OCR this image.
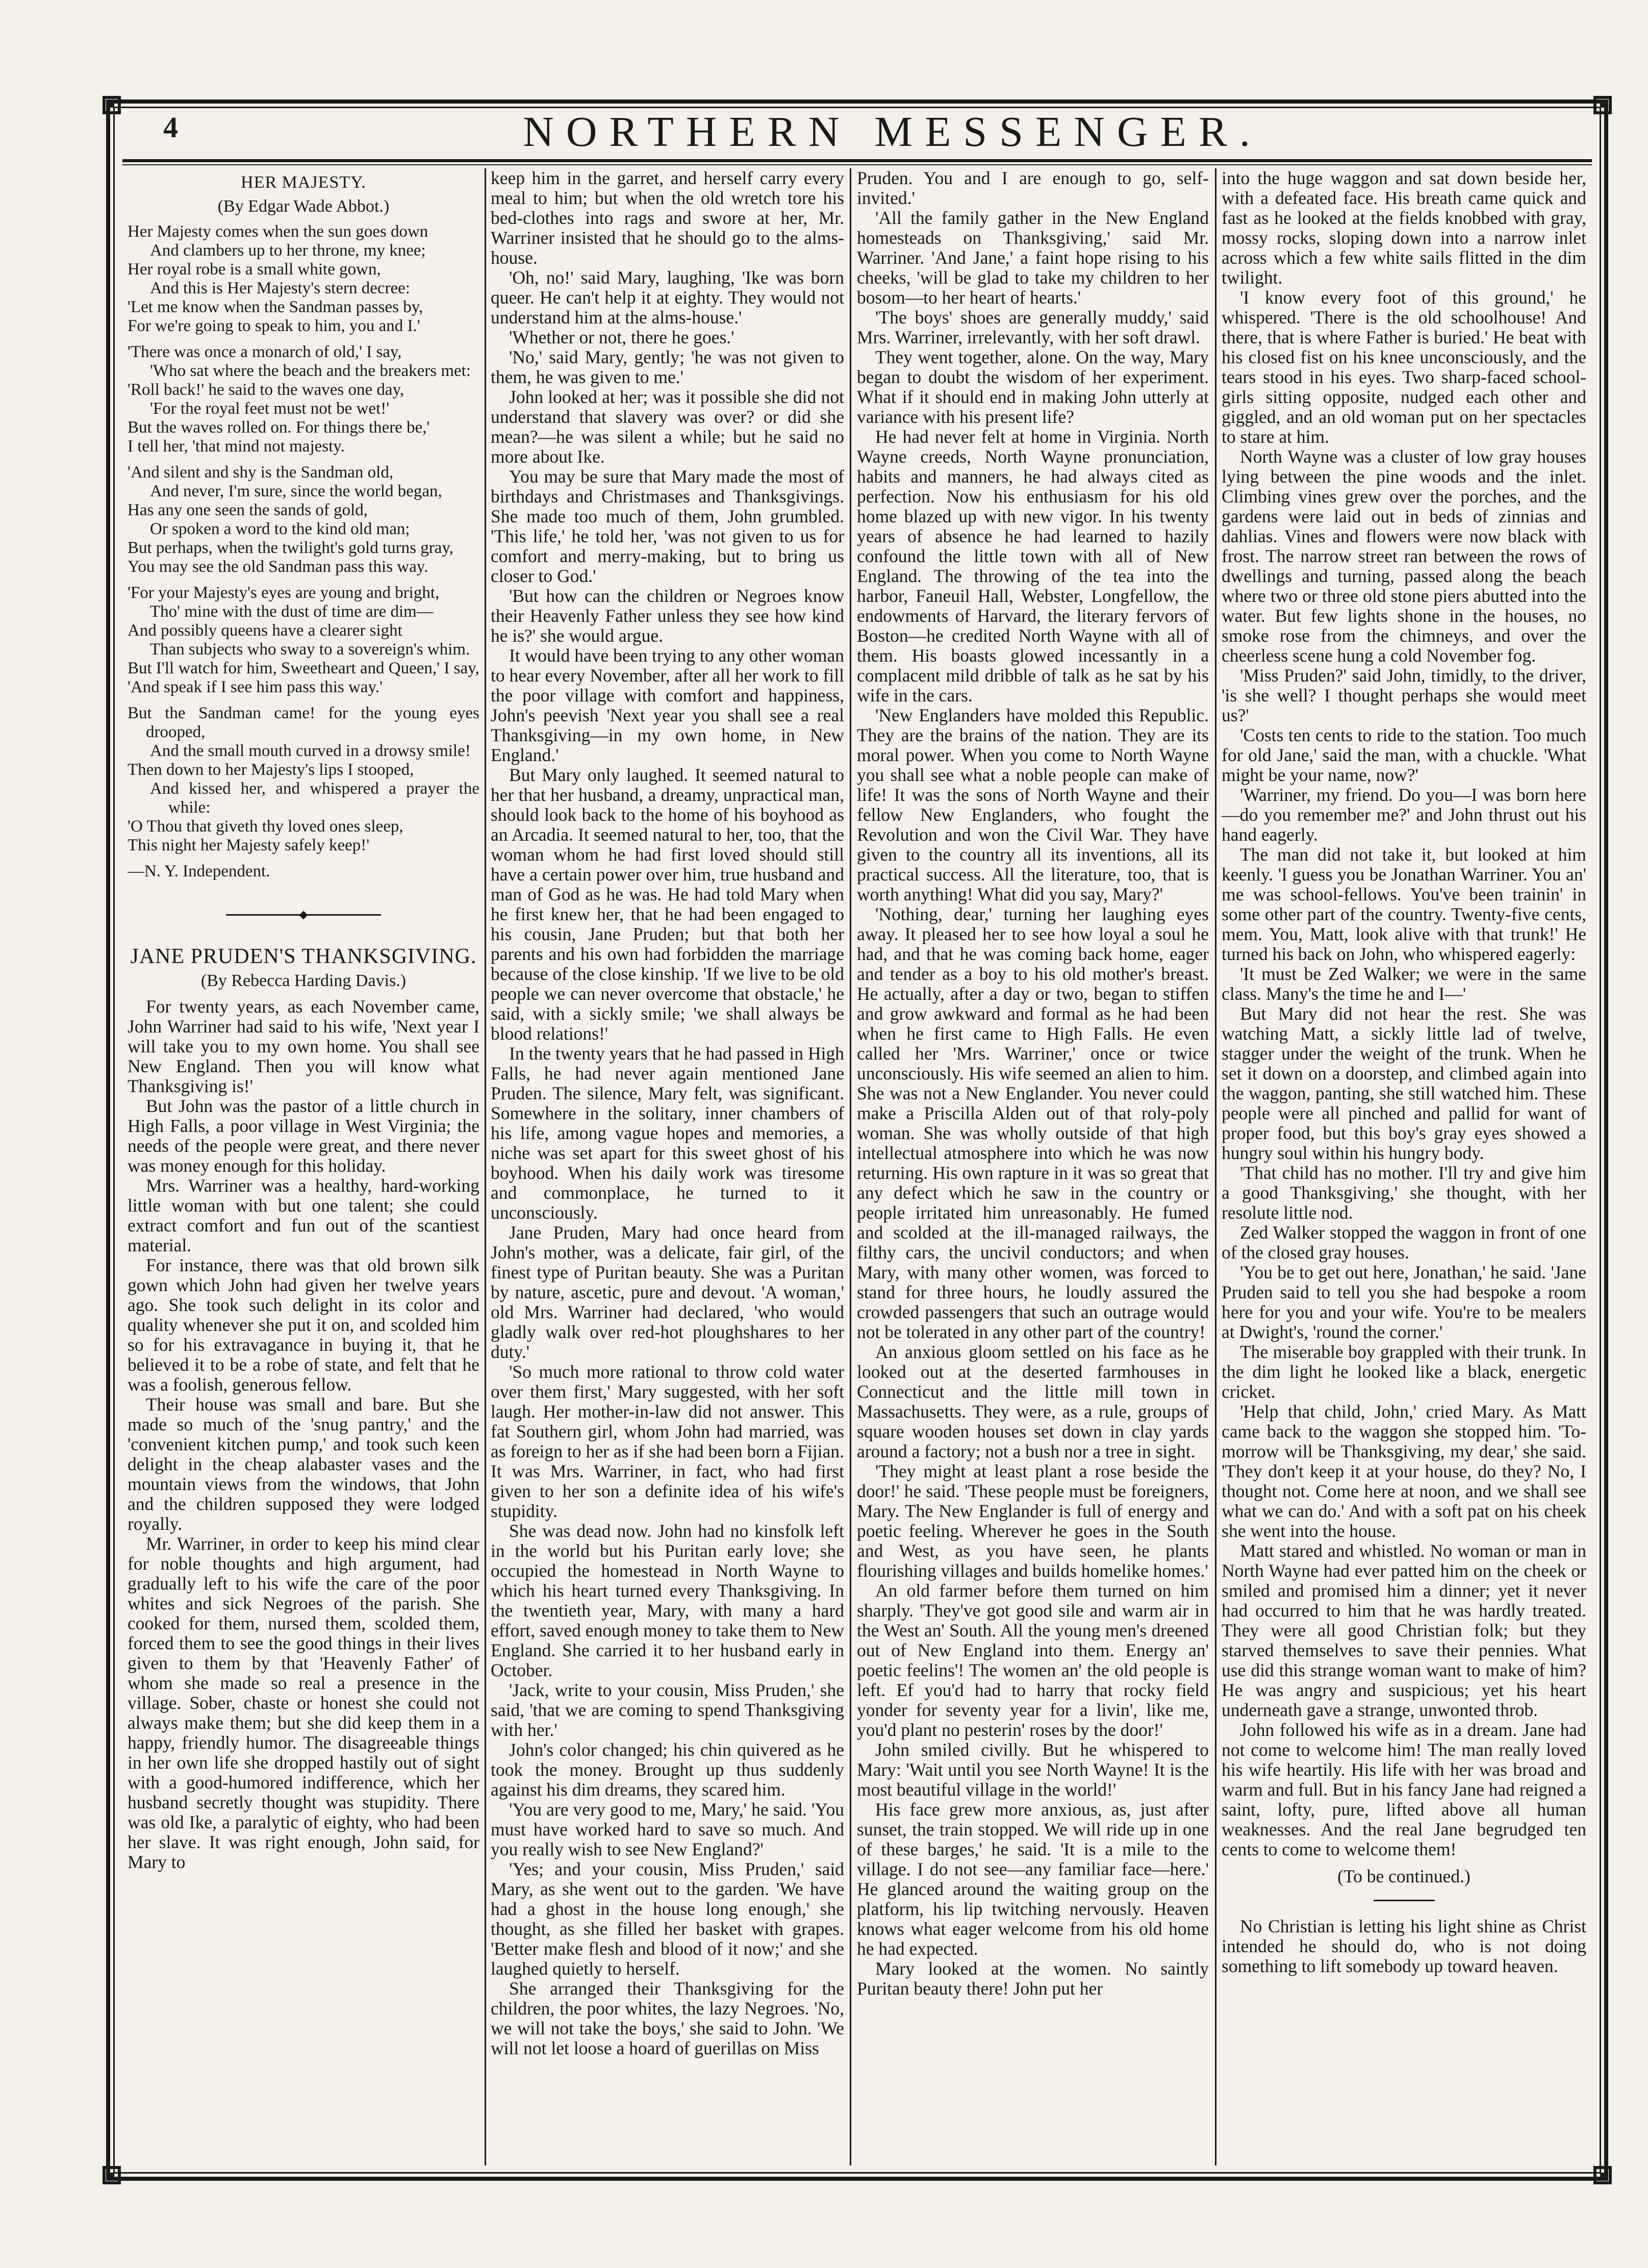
4	NORTHERN MESSENGER.
HER MAJESTY.
(By Edgar Wade Abbot.)
Her Majesty comes when the sun goes down
And clambers up to her throne, my knee;
Her royal robe is a small white gown,
And this is Her Majesty's stern decree:
'Let me know when the Sandman passes by,
For we're going to speak to him, you and I.'
'There was once a monarch of old,' I say,
'Who sat where the beach and the breakers met:
'Roll back!' he said to the waves one day,
'For the royal feet must not be wet!'
But the waves rolled on. For things there be,'
I tell her, 'that mind not majesty.
'And silent and shy is the Sandman old,
And never, I'm sure, since the world began,
Has any one seen the sands of gold,
Or spoken a word to the kind old man;
But perhaps, when the twilight's gold turns gray,
You may see the old Sandman pass this way.
'For your Majesty's eyes are young and bright,
Tho' mine with the dust of time are dim—
And possibly queens have a clearer sight
Than subjects who sway to a sovereign's whim.
But I'll watch for him, Sweetheart and Queen,' I say,
'And speak if I see him pass this way.'
But the Sandman came! for the young eyes drooped,
And the small mouth curved in a drowsy smile!
Then down to her Majesty's lips I stooped,
And kissed her, and whispered a prayer the while:
'O Thou that giveth thy loved ones sleep,
This night her Majesty safely keep!'
—N. Y. Independent.
JANE PRUDEN'S THANKSGIVING.
(By Rebecca Harding Davis.)

For twenty years, as each November came, John Warriner had said to his wife, 'Next year I will take you to my own home. You shall see New England. Then you will know what Thanksgiving is!'

But John was the pastor of a little church in High Falls, a poor village in West Virginia; the needs of the people were great, and there never was money enough for this holiday.

Mrs. Warriner was a healthy, hard-working little woman with but one talent; she could extract comfort and fun out of the scantiest material.

For instance, there was that old brown silk gown which John had given her twelve years ago. She took such delight in its color and quality whenever she put it on, and scolded him so for his extravagance in buying it, that he believed it to be a robe of state, and felt that he was a foolish, generous fellow.

Their house was small and bare. But she made so much of the 'snug pantry,' and the 'convenient kitchen pump,' and took such keen delight in the cheap alabaster vases and the mountain views from the windows, that John and the children supposed they were lodged royally.

Mr. Warriner, in order to keep his mind clear for noble thoughts and high argument, had gradually left to his wife the care of the poor whites and sick Negroes of the parish. She cooked for them, nursed them, scolded them, forced them to see the good things in their lives given to them by that 'Heavenly Father' of whom she made so real a presence in the village. Sober, chaste or honest she could not always make them; but she did keep them in a happy, friendly humor. The disagreeable things in her own life she dropped hastily out of sight with a good-humored indifference, which her husband secretly thought was stupidity. There was old Ike, a paralytic of eighty, who had been her slave. It was right enough, John said, for Mary to

keep him in the garret, and herself carry every meal to him; but when the old wretch tore his bed-clothes into rags and swore at her, Mr. Warriner insisted that he should go to the alms-house.

'Oh, no!' said Mary, laughing, 'Ike was born queer. He can't help it at eighty. They would not understand him at the alms-house.'

'Whether or not, there he goes.'

'No,' said Mary, gently; 'he was not given to them, he was given to me.'

John looked at her; was it possible she did not understand that slavery was over? or did she mean?—he was silent a while; but he said no more about Ike.

You may be sure that Mary made the most of birthdays and Christmases and Thanksgivings. She made too much of them, John grumbled. 'This life,' he told her, 'was not given to us for comfort and merry-making, but to bring us closer to God.'

'But how can the children or Negroes know their Heavenly Father unless they see how kind he is?' she would argue.

It would have been trying to any other woman to hear every November, after all her work to fill the poor village with comfort and happiness, John's peevish 'Next year you shall see a real Thanksgiving—in my own home, in New England.'

But Mary only laughed. It seemed natural to her that her husband, a dreamy, unpractical man, should look back to the home of his boyhood as an Arcadia. It seemed natural to her, too, that the woman whom he had first loved should still have a certain power over him, true husband and man of God as he was. He had told Mary when he first knew her, that he had been engaged to his cousin, Jane Pruden; but that both her parents and his own had forbidden the marriage because of the close kinship. 'If we live to be old people we can never overcome that obstacle,' he said, with a sickly smile; 'we shall always be blood relations!'

In the twenty years that he had passed in High Falls, he had never again mentioned Jane Pruden. The silence, Mary felt, was significant. Somewhere in the solitary, inner chambers of his life, among vague hopes and memories, a niche was set apart for this sweet ghost of his boyhood. When his daily work was tiresome and commonplace, he turned to it unconsciously.

Jane Pruden, Mary had once heard from John's mother, was a delicate, fair girl, of the finest type of Puritan beauty. She was a Puritan by nature, ascetic, pure and devout. 'A woman,' old Mrs. Warriner had declared, 'who would gladly walk over red-hot ploughshares to her duty.'

'So much more rational to throw cold water over them first,' Mary suggested, with her soft laugh. Her mother-in-law did not answer. This fat Southern girl, whom John had married, was as foreign to her as if she had been born a Fijian. It was Mrs. Warriner, in fact, who had first given to her son a definite idea of his wife's stupidity.

She was dead now. John had no kinsfolk left in the world but his Puritan early love; she occupied the homestead in North Wayne to which his heart turned every Thanksgiving. In the twentieth year, Mary, with many a hard effort, saved enough money to take them to New England. She carried it to her husband early in October.

'Jack, write to your cousin, Miss Pruden,' she said, 'that we are coming to spend Thanksgiving with her.'

John's color changed; his chin quivered as he took the money. Brought up thus suddenly against his dim dreams, they scared him.

'You are very good to me, Mary,' he said. 'You must have worked hard to save so much. And you really wish to see New England?'

'Yes; and your cousin, Miss Pruden,' said Mary, as she went out to the garden. 'We have had a ghost in the house long enough,' she thought, as she filled her basket with grapes. 'Better make flesh and blood of it now;' and she laughed quietly to herself.

She arranged their Thanksgiving for the children, the poor whites, the lazy Negroes. 'No, we will not take the boys,' she said to John. 'We will not let loose a hoard of guerillas on Miss

Pruden. You and I are enough to go, self-invited.'

'All the family gather in the New England homesteads on Thanksgiving,' said Mr. Warriner. 'And Jane,' a faint hope rising to his cheeks, 'will be glad to take my children to her bosom—to her heart of hearts.'

'The boys' shoes are generally muddy,' said Mrs. Warriner, irrelevantly, with her soft drawl.

They went together, alone. On the way, Mary began to doubt the wisdom of her experiment. What if it should end in making John utterly at variance with his present life?

He had never felt at home in Virginia. North Wayne creeds, North Wayne pronunciation, habits and manners, he had always cited as perfection. Now his enthusiasm for his old home blazed up with new vigor. In his twenty years of absence he had learned to hazily confound the little town with all of New England. The throwing of the tea into the harbor, Faneuil Hall, Webster, Longfellow, the endowments of Harvard, the literary fervors of Boston—he credited North Wayne with all of them. His boasts glowed incessantly in a complacent mild dribble of talk as he sat by his wife in the cars.

'New Englanders have molded this Republic. They are the brains of the nation. They are its moral power. When you come to North Wayne you shall see what a noble people can make of life! It was the sons of North Wayne and their fellow New Englanders, who fought the Revolution and won the Civil War. They have given to the country all its inventions, all its practical success. All the literature, too, that is worth anything! What did you say, Mary?'

'Nothing, dear,' turning her laughing eyes away. It pleased her to see how loyal a soul he had, and that he was coming back home, eager and tender as a boy to his old mother's breast. He actually, after a day or two, began to stiffen and grow awkward and formal as he had been when he first came to High Falls. He even called her 'Mrs. Warriner,' once or twice unconsciously. His wife seemed an alien to him. She was not a New Englander. You never could make a Priscilla Alden out of that roly-poly woman. She was wholly outside of that high intellectual atmosphere into which he was now returning. His own rapture in it was so great that any defect which he saw in the country or people irritated him unreasonably. He fumed and scolded at the ill-managed railways, the filthy cars, the uncivil conductors; and when Mary, with many other women, was forced to stand for three hours, he loudly assured the crowded passengers that such an outrage would not be tolerated in any other part of the country!

An anxious gloom settled on his face as he looked out at the deserted farmhouses in Connecticut and the little mill town in Massachusetts. They were, as a rule, groups of square wooden houses set down in clay yards around a factory; not a bush nor a tree in sight.

'They might at least plant a rose beside the door!' he said. 'These people must be foreigners, Mary. The New Englander is full of energy and poetic feeling. Wherever he goes in the South and West, as you have seen, he plants flourishing villages and builds homelike homes.'

An old farmer before them turned on him sharply. 'They've got good sile and warm air in the West an' South. All the young men's dreened out of New England into them. Energy an' poetic feelins'! The women an' the old people is left. Ef you'd had to harry that rocky field yonder for seventy year for a livin', like me, you'd plant no pesterin' roses by the door!'

John smiled civilly. But he whispered to Mary: 'Wait until you see North Wayne! It is the most beautiful village in the world!'

His face grew more anxious, as, just after sunset, the train stopped. We will ride up in one of these barges,' he said. 'It is a mile to the village. I do not see—any familiar face—here.' He glanced around the waiting group on the platform, his lip twitching nervously. Heaven knows what eager welcome from his old home he had expected.

Mary looked at the women. No saintly Puritan beauty there! John put her

into the huge waggon and sat down beside her, with a defeated face. His breath came quick and fast as he looked at the fields knobbed with gray, mossy rocks, sloping down into a narrow inlet across which a few white sails flitted in the dim twilight.

'I know every foot of this ground,' he whispered. 'There is the old schoolhouse! And there, that is where Father is buried.' He beat with his closed fist on his knee unconsciously, and the tears stood in his eyes. Two sharp-faced school-girls sitting opposite, nudged each other and giggled, and an old woman put on her spectacles to stare at him.

North Wayne was a cluster of low gray houses lying between the pine woods and the inlet. Climbing vines grew over the porches, and the gardens were laid out in beds of zinnias and dahlias. Vines and flowers were now black with frost. The narrow street ran between the rows of dwellings and turning, passed along the beach where two or three old stone piers abutted into the water. But few lights shone in the houses, no smoke rose from the chimneys, and over the cheerless scene hung a cold November fog.

'Miss Pruden?' said John, timidly, to the driver, 'is she well? I thought perhaps she would meet us?'

'Costs ten cents to ride to the station. Too much for old Jane,' said the man, with a chuckle. 'What might be your name, now?'

'Warriner, my friend. Do you—I was born here—do you remember me?' and John thrust out his hand eagerly.

The man did not take it, but looked at him keenly. 'I guess you be Jonathan Warriner. You an' me was school-fellows. You've been trainin' in some other part of the country. Twenty-five cents, mem. You, Matt, look alive with that trunk!' He turned his back on John, who whispered eagerly:

'It must be Zed Walker; we were in the same class. Many's the time he and I—'

But Mary did not hear the rest. She was watching Matt, a sickly little lad of twelve, stagger under the weight of the trunk. When he set it down on a doorstep, and climbed again into the waggon, panting, she still watched him. These people were all pinched and pallid for want of proper food, but this boy's gray eyes showed a hungry soul within his hungry body.

'That child has no mother. I'll try and give him a good Thanksgiving,' she thought, with her resolute little nod.

Zed Walker stopped the waggon in front of one of the closed gray houses.

'You be to get out here, Jonathan,' he said. 'Jane Pruden said to tell you she had bespoke a room here for you and your wife. You're to be mealers at Dwight's, 'round the corner.'

The miserable boy grappled with their trunk. In the dim light he looked like a black, energetic cricket.

'Help that child, John,' cried Mary. As Matt came back to the waggon she stopped him. 'To-morrow will be Thanksgiving, my dear,' she said. 'They don't keep it at your house, do they? No, I thought not. Come here at noon, and we shall see what we can do.' And with a soft pat on his cheek she went into the house.

Matt stared and whistled. No woman or man in North Wayne had ever patted him on the cheek or smiled and promised him a dinner; yet it never had occurred to him that he was hardly treated. They were all good Christian folk; but they starved themselves to save their pennies. What use did this strange woman want to make of him? He was angry and suspicious; yet his heart underneath gave a strange, unwonted throb.

John followed his wife as in a dream. Jane had not come to welcome him! The man really loved his wife heartily. His life with her was broad and warm and full. But in his fancy Jane had reigned a saint, lofty, pure, lifted above all human weaknesses. And the real Jane begrudged ten cents to come to welcome them!

(To be continued.)

No Christian is letting his light shine as Christ intended he should do, who is not doing something to lift somebody up toward heaven.
